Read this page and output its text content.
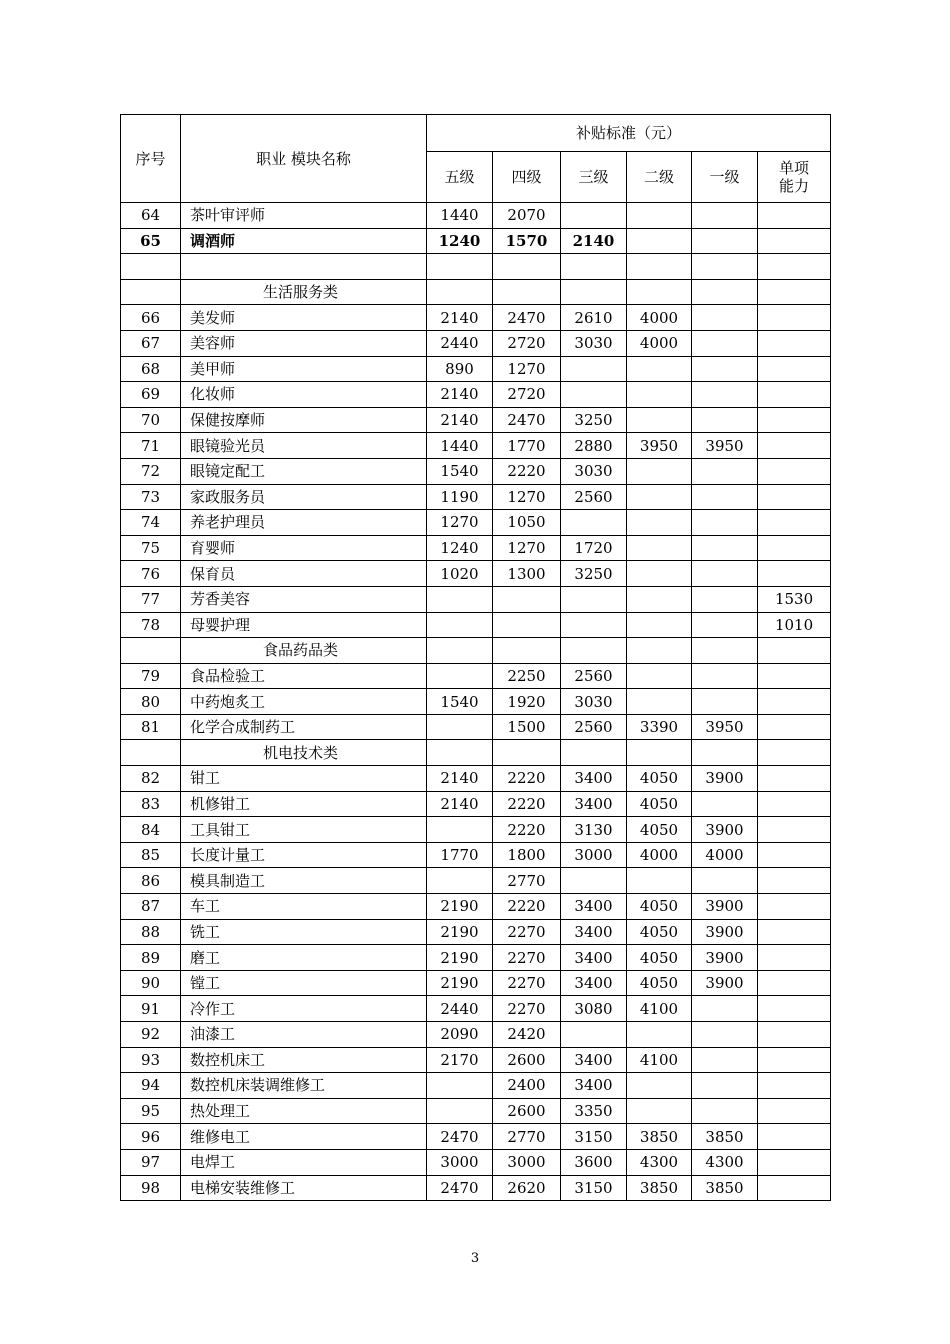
序号	职业 模块名称	补贴标准（元）					
		五级	四级	三级	二级	一级	单项
能力
64	茶叶审评师	1440	2070				
65	调酒师	1240	1570	2140			

	生活服务类						
66	美发师	2140	2470	2610	4000		
67	美容师	2440	2720	3030	4000		
68	美甲师	890	1270				
69	化妆师	2140	2720				
70	保健按摩师	2140	2470	3250			
71	眼镜验光员	1440	1770	2880	3950	3950	
72	眼镜定配工	1540	2220	3030			
73	家政服务员	1190	1270	2560			
74	养老护理员	1270	1050				
75	育婴师	1240	1270	1720			
76	保育员	1020	1300	3250			
77	芳香美容						1530
78	母婴护理						1010
	食品药品类						
79	食品检验工		2250	2560			
80	中药炮炙工	1540	1920	3030			
81	化学合成制药工		1500	2560	3390	3950	
	机电技术类						
82	钳工	2140	2220	3400	4050	3900	
83	机修钳工	2140	2220	3400	4050		
84	工具钳工		2220	3130	4050	3900	
85	长度计量工	1770	1800	3000	4000	4000	
86	模具制造工		2770				
87	车工	2190	2220	3400	4050	3900	
88	铣工	2190	2270	3400	4050	3900	
89	磨工	2190	2270	3400	4050	3900	
90	镗工	2190	2270	3400	4050	3900	
91	冷作工	2440	2270	3080	4100		
92	油漆工	2090	2420				
93	数控机床工	2170	2600	3400	4100		
94	数控机床装调维修工		2400	3400			
95	热处理工		2600	3350			
96	维修电工	2470	2770	3150	3850	3850	
97	电焊工	3000	3000	3600	4300	4300	
98	电梯安装维修工	2470	2620	3150	3850	3850	
3
